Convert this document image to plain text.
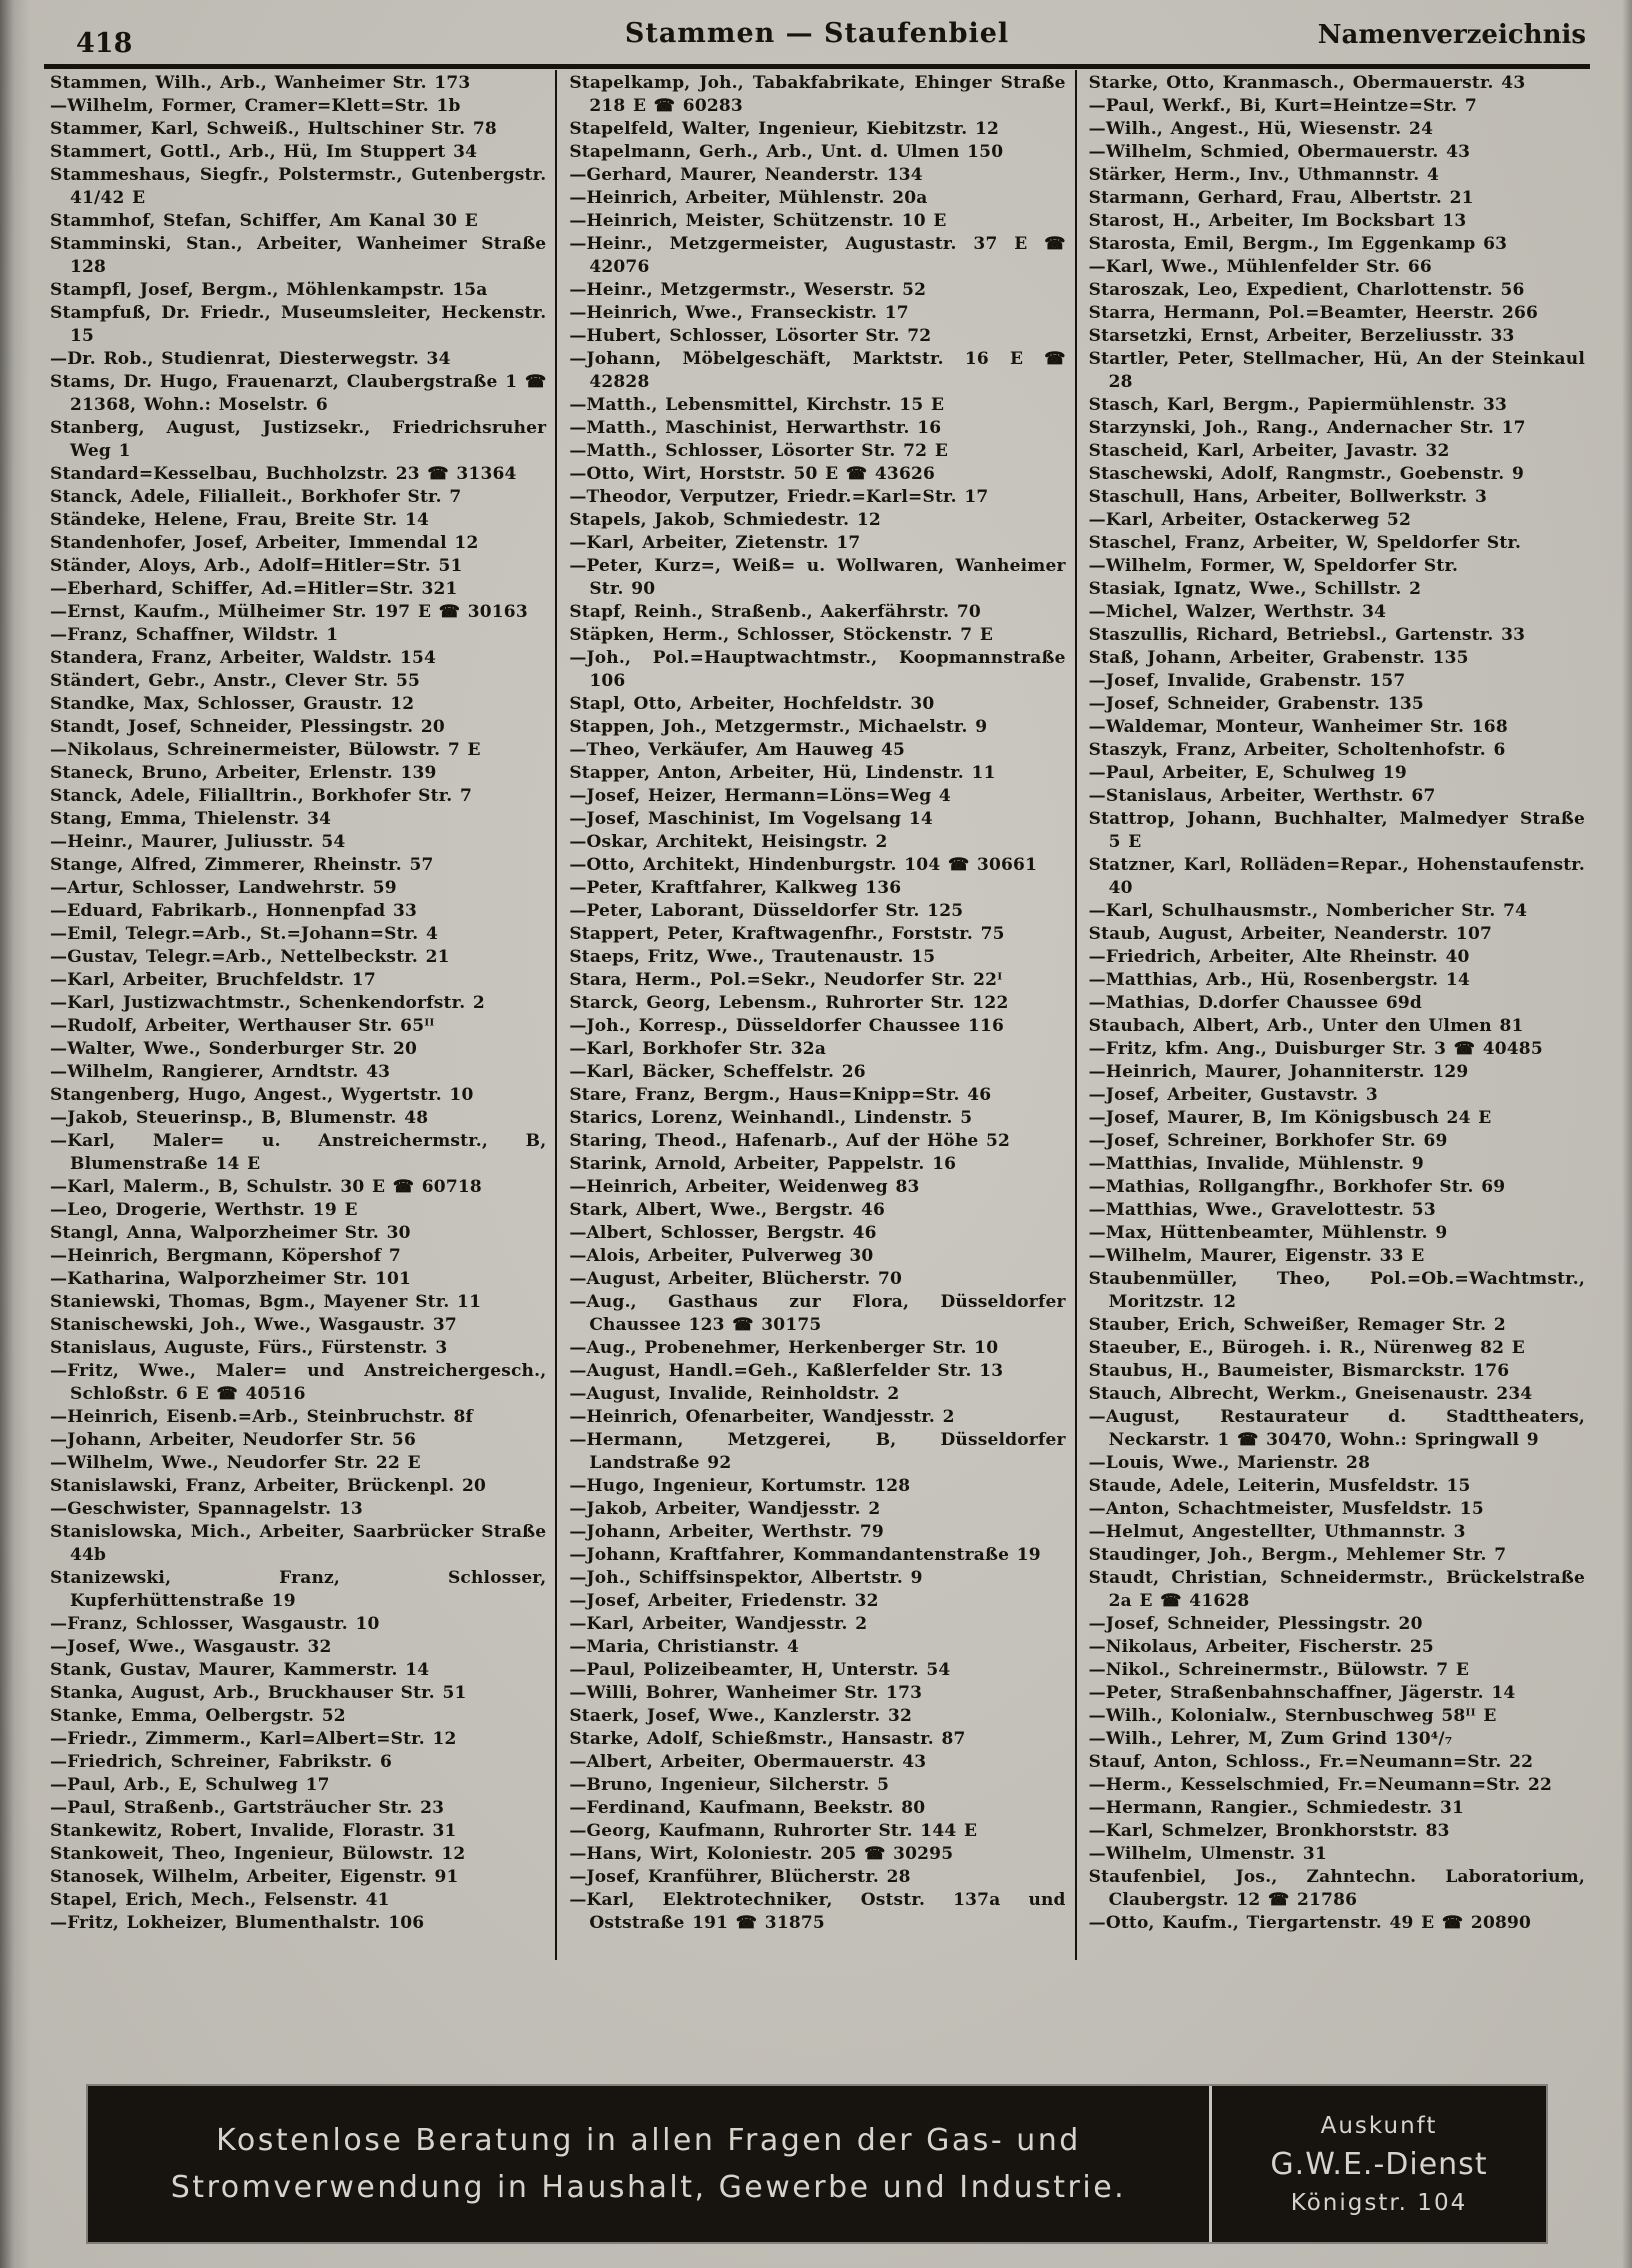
418	Stammen — Staufenbiel	Namenverzeichnis

Stammen, Wilh., Arb., Wanheimer Str. 173

—Wilhelm, Former, Cramer=Klett=Str. 1b

Stammer, Karl, Schweiß., Hultschiner Str. 78

Stammert, Gottl., Arb., Hü, Im Stuppert 34

Stammeshaus, Siegfr., Polstermstr., Gutenbergstr. 41/42 E

Stammhof, Stefan, Schiffer, Am Kanal 30 E

Stamminski, Stan., Arbeiter, Wanheimer Straße 128

Stampfl, Josef, Bergm., Möhlenkampstr. 15a

Stampfuß, Dr. Friedr., Museumsleiter, Heckenstr. 15

—Dr. Rob., Studienrat, Diesterwegstr. 34

Stams, Dr. Hugo, Frauenarzt, Claubergstraße 1 ☎ 21368, Wohn.: Moselstr. 6

Stanberg, August, Justizsekr., Friedrichsruher Weg 1

Standard=Kesselbau, Buchholzstr. 23 ☎ 31364

Stanck, Adele, Filialleit., Borkhofer Str. 7

Ständeke, Helene, Frau, Breite Str. 14

Standenhofer, Josef, Arbeiter, Immendal 12

Ständer, Aloys, Arb., Adolf=Hitler=Str. 51

—Eberhard, Schiffer, Ad.=Hitler=Str. 321

—Ernst, Kaufm., Mülheimer Str. 197 E ☎ 30163

—Franz, Schaffner, Wildstr. 1

Standera, Franz, Arbeiter, Waldstr. 154

Ständert, Gebr., Anstr., Clever Str. 55

Standke, Max, Schlosser, Graustr. 12

Standt, Josef, Schneider, Plessingstr. 20

—Nikolaus, Schreinermeister, Bülowstr. 7 E

Staneck, Bruno, Arbeiter, Erlenstr. 139

Stanck, Adele, Filialltrin., Borkhofer Str. 7

Stang, Emma, Thielenstr. 34

—Heinr., Maurer, Juliusstr. 54

Stange, Alfred, Zimmerer, Rheinstr. 57

—Artur, Schlosser, Landwehrstr. 59

—Eduard, Fabrikarb., Honnenpfad 33

—Emil, Telegr.=Arb., St.=Johann=Str. 4

—Gustav, Telegr.=Arb., Nettelbeckstr. 21

—Karl, Arbeiter, Bruchfeldstr. 17

—Karl, Justizwachtmstr., Schenkendorfstr. 2

—Rudolf, Arbeiter, Werthauser Str. 65ᴵᴵ

—Walter, Wwe., Sonderburger Str. 20

—Wilhelm, Rangierer, Arndtstr. 43

Stangenberg, Hugo, Angest., Wygertstr. 10

—Jakob, Steuerinsp., B, Blumenstr. 48

—Karl, Maler= u. Anstreichermstr., B, Blumenstraße 14 E

—Karl, Malerm., B, Schulstr. 30 E ☎ 60718

—Leo, Drogerie, Werthstr. 19 E

Stangl, Anna, Walporzheimer Str. 30

—Heinrich, Bergmann, Köpershof 7

—Katharina, Walporzheimer Str. 101

Staniewski, Thomas, Bgm., Mayener Str. 11

Stanischewski, Joh., Wwe., Wasgaustr. 37

Stanislaus, Auguste, Fürs., Fürstenstr. 3

—Fritz, Wwe., Maler= und Anstreichergesch., Schloßstr. 6 E ☎ 40516

—Heinrich, Eisenb.=Arb., Steinbruchstr. 8f

—Johann, Arbeiter, Neudorfer Str. 56

—Wilhelm, Wwe., Neudorfer Str. 22 E

Stanislawski, Franz, Arbeiter, Brückenpl. 20

—Geschwister, Spannagelstr. 13

Stanislowska, Mich., Arbeiter, Saarbrücker Straße 44b

Stanizewski, Franz, Schlosser, Kupferhüttenstraße 19

—Franz, Schlosser, Wasgaustr. 10

—Josef, Wwe., Wasgaustr. 32

Stank, Gustav, Maurer, Kammerstr. 14

Stanka, August, Arb., Bruckhauser Str. 51

Stanke, Emma, Oelbergstr. 52

—Friedr., Zimmerm., Karl=Albert=Str. 12

—Friedrich, Schreiner, Fabrikstr. 6

—Paul, Arb., E, Schulweg 17

—Paul, Straßenb., Gartsträucher Str. 23

Stankewitz, Robert, Invalide, Florastr. 31

Stankoweit, Theo, Ingenieur, Bülowstr. 12

Stanosek, Wilhelm, Arbeiter, Eigenstr. 91

Stapel, Erich, Mech., Felsenstr. 41

—Fritz, Lokheizer, Blumenthalstr. 106

Stapelkamp, Joh., Tabakfabrikate, Ehinger Straße 218 E ☎ 60283

Stapelfeld, Walter, Ingenieur, Kiebitzstr. 12

Stapelmann, Gerh., Arb., Unt. d. Ulmen 150

—Gerhard, Maurer, Neanderstr. 134

—Heinrich, Arbeiter, Mühlenstr. 20a

—Heinrich, Meister, Schützenstr. 10 E

—Heinr., Metzgermeister, Augustastr. 37 E ☎ 42076

—Heinr., Metzgermstr., Weserstr. 52

—Heinrich, Wwe., Franseckistr. 17

—Hubert, Schlosser, Lösorter Str. 72

—Johann, Möbelgeschäft, Marktstr. 16 E ☎ 42828

—Matth., Lebensmittel, Kirchstr. 15 E

—Matth., Maschinist, Herwarthstr. 16

—Matth., Schlosser, Lösorter Str. 72 E

—Otto, Wirt, Horststr. 50 E ☎ 43626

—Theodor, Verputzer, Friedr.=Karl=Str. 17

Stapels, Jakob, Schmiedestr. 12

—Karl, Arbeiter, Zietenstr. 17

—Peter, Kurz=, Weiß= u. Wollwaren, Wanheimer Str. 90

Stapf, Reinh., Straßenb., Aakerfährstr. 70

Stäpken, Herm., Schlosser, Stöckenstr. 7 E

—Joh., Pol.=Hauptwachtmstr., Koopmannstraße 106

Stapl, Otto, Arbeiter, Hochfeldstr. 30

Stappen, Joh., Metzgermstr., Michaelstr. 9

—Theo, Verkäufer, Am Hauweg 45

Stapper, Anton, Arbeiter, Hü, Lindenstr. 11

—Josef, Heizer, Hermann=Löns=Weg 4

—Josef, Maschinist, Im Vogelsang 14

—Oskar, Architekt, Heisingstr. 2

—Otto, Architekt, Hindenburgstr. 104 ☎ 30661

—Peter, Kraftfahrer, Kalkweg 136

—Peter, Laborant, Düsseldorfer Str. 125

Stappert, Peter, Kraftwagenfhr., Forststr. 75

Staeps, Fritz, Wwe., Trautenaustr. 15

Stara, Herm., Pol.=Sekr., Neudorfer Str. 22ᴵ

Starck, Georg, Lebensm., Ruhrorter Str. 122

—Joh., Korresp., Düsseldorfer Chaussee 116

—Karl, Borkhofer Str. 32a

—Karl, Bäcker, Scheffelstr. 26

Stare, Franz, Bergm., Haus=Knipp=Str. 46

Starics, Lorenz, Weinhandl., Lindenstr. 5

Staring, Theod., Hafenarb., Auf der Höhe 52

Starink, Arnold, Arbeiter, Pappelstr. 16

—Heinrich, Arbeiter, Weidenweg 83

Stark, Albert, Wwe., Bergstr. 46

—Albert, Schlosser, Bergstr. 46

—Alois, Arbeiter, Pulverweg 30

—August, Arbeiter, Blücherstr. 70

—Aug., Gasthaus zur Flora, Düsseldorfer Chaussee 123 ☎ 30175

—Aug., Probenehmer, Herkenberger Str. 10

—August, Handl.=Geh., Kaßlerfelder Str. 13

—August, Invalide, Reinholdstr. 2

—Heinrich, Ofenarbeiter, Wandjesstr. 2

—Hermann, Metzgerei, B, Düsseldorfer Landstraße 92

—Hugo, Ingenieur, Kortumstr. 128

—Jakob, Arbeiter, Wandjesstr. 2

—Johann, Arbeiter, Werthstr. 79

—Johann, Kraftfahrer, Kommandantenstraße 19

—Joh., Schiffsinspektor, Albertstr. 9

—Josef, Arbeiter, Friedenstr. 32

—Karl, Arbeiter, Wandjesstr. 2

—Maria, Christianstr. 4

—Paul, Polizeibeamter, H, Unterstr. 54

—Willi, Bohrer, Wanheimer Str. 173

Staerk, Josef, Wwe., Kanzlerstr. 32

Starke, Adolf, Schießmstr., Hansastr. 87

—Albert, Arbeiter, Obermauerstr. 43

—Bruno, Ingenieur, Silcherstr. 5

—Ferdinand, Kaufmann, Beekstr. 80

—Georg, Kaufmann, Ruhrorter Str. 144 E

—Hans, Wirt, Koloniestr. 205 ☎ 30295

—Josef, Kranführer, Blücherstr. 28

—Karl, Elektrotechniker, Oststr. 137a und Oststraße 191 ☎ 31875

Starke, Otto, Kranmasch., Obermauerstr. 43

—Paul, Werkf., Bi, Kurt=Heintze=Str. 7

—Wilh., Angest., Hü, Wiesenstr. 24

—Wilhelm, Schmied, Obermauerstr. 43

Stärker, Herm., Inv., Uthmannstr. 4

Starmann, Gerhard, Frau, Albertstr. 21

Starost, H., Arbeiter, Im Bocksbart 13

Starosta, Emil, Bergm., Im Eggenkamp 63

—Karl, Wwe., Mühlenfelder Str. 66

Staroszak, Leo, Expedient, Charlottenstr. 56

Starra, Hermann, Pol.=Beamter, Heerstr. 266

Starsetzki, Ernst, Arbeiter, Berzeliusstr. 33

Startler, Peter, Stellmacher, Hü, An der Steinkaul 28

Stasch, Karl, Bergm., Papiermühlenstr. 33

Starzynski, Joh., Rang., Andernacher Str. 17

Stascheid, Karl, Arbeiter, Javastr. 32

Staschewski, Adolf, Rangmstr., Goebenstr. 9

Staschull, Hans, Arbeiter, Bollwerkstr. 3

—Karl, Arbeiter, Ostackerweg 52

Staschel, Franz, Arbeiter, W, Speldorfer Str.

—Wilhelm, Former, W, Speldorfer Str.

Stasiak, Ignatz, Wwe., Schillstr. 2

—Michel, Walzer, Werthstr. 34

Staszullis, Richard, Betriebsl., Gartenstr. 33

Staß, Johann, Arbeiter, Grabenstr. 135

—Josef, Invalide, Grabenstr. 157

—Josef, Schneider, Grabenstr. 135

—Waldemar, Monteur, Wanheimer Str. 168

Staszyk, Franz, Arbeiter, Scholtenhofstr. 6

—Paul, Arbeiter, E, Schulweg 19

—Stanislaus, Arbeiter, Werthstr. 67

Stattrop, Johann, Buchhalter, Malmedyer Straße 5 E

Statzner, Karl, Rolläden=Repar., Hohenstaufenstr. 40

—Karl, Schulhausmstr., Nombericher Str. 74

Staub, August, Arbeiter, Neanderstr. 107

—Friedrich, Arbeiter, Alte Rheinstr. 40

—Matthias, Arb., Hü, Rosenbergstr. 14

—Mathias, D.dorfer Chaussee 69d

Staubach, Albert, Arb., Unter den Ulmen 81

—Fritz, kfm. Ang., Duisburger Str. 3 ☎ 40485

—Heinrich, Maurer, Johanniterstr. 129

—Josef, Arbeiter, Gustavstr. 3

—Josef, Maurer, B, Im Königsbusch 24 E

—Josef, Schreiner, Borkhofer Str. 69

—Matthias, Invalide, Mühlenstr. 9

—Mathias, Rollgangfhr., Borkhofer Str. 69

—Matthias, Wwe., Gravelottestr. 53

—Max, Hüttenbeamter, Mühlenstr. 9

—Wilhelm, Maurer, Eigenstr. 33 E

Staubenmüller, Theo, Pol.=Ob.=Wachtmstr., Moritzstr. 12

Stauber, Erich, Schweißer, Remager Str. 2

Staeuber, E., Bürogeh. i. R., Nürenweg 82 E

Staubus, H., Baumeister, Bismarckstr. 176

Stauch, Albrecht, Werkm., Gneisenaustr. 234

—August, Restaurateur d. Stadttheaters, Neckarstr. 1 ☎ 30470, Wohn.: Springwall 9

—Louis, Wwe., Marienstr. 28

Staude, Adele, Leiterin, Musfeldstr. 15

—Anton, Schachtmeister, Musfeldstr. 15

—Helmut, Angestellter, Uthmannstr. 3

Staudinger, Joh., Bergm., Mehlemer Str. 7

Staudt, Christian, Schneidermstr., Brückelstraße 2a E ☎ 41628

—Josef, Schneider, Plessingstr. 20

—Nikolaus, Arbeiter, Fischerstr. 25

—Nikol., Schreinermstr., Bülowstr. 7 E

—Peter, Straßenbahnschaffner, Jägerstr. 14

—Wilh., Kolonialw., Sternbuschweg 58ᴵᴵ E

—Wilh., Lehrer, M, Zum Grind 130⁴/₇

Stauf, Anton, Schloss., Fr.=Neumann=Str. 22

—Herm., Kesselschmied, Fr.=Neumann=Str. 22

—Hermann, Rangier., Schmiedestr. 31

—Karl, Schmelzer, Bronkhorststr. 83

—Wilhelm, Ulmenstr. 31

Staufenbiel, Jos., Zahntechn. Laboratorium, Claubergstr. 12 ☎ 21786

—Otto, Kaufm., Tiergartenstr. 49 E ☎ 20890

Kostenlose Beratung in allen Fragen der Gas- und
Stromverwendung in Haushalt, Gewerbe und Industrie.
Auskunft
G.W.E.-Dienst
Königstr. 104
